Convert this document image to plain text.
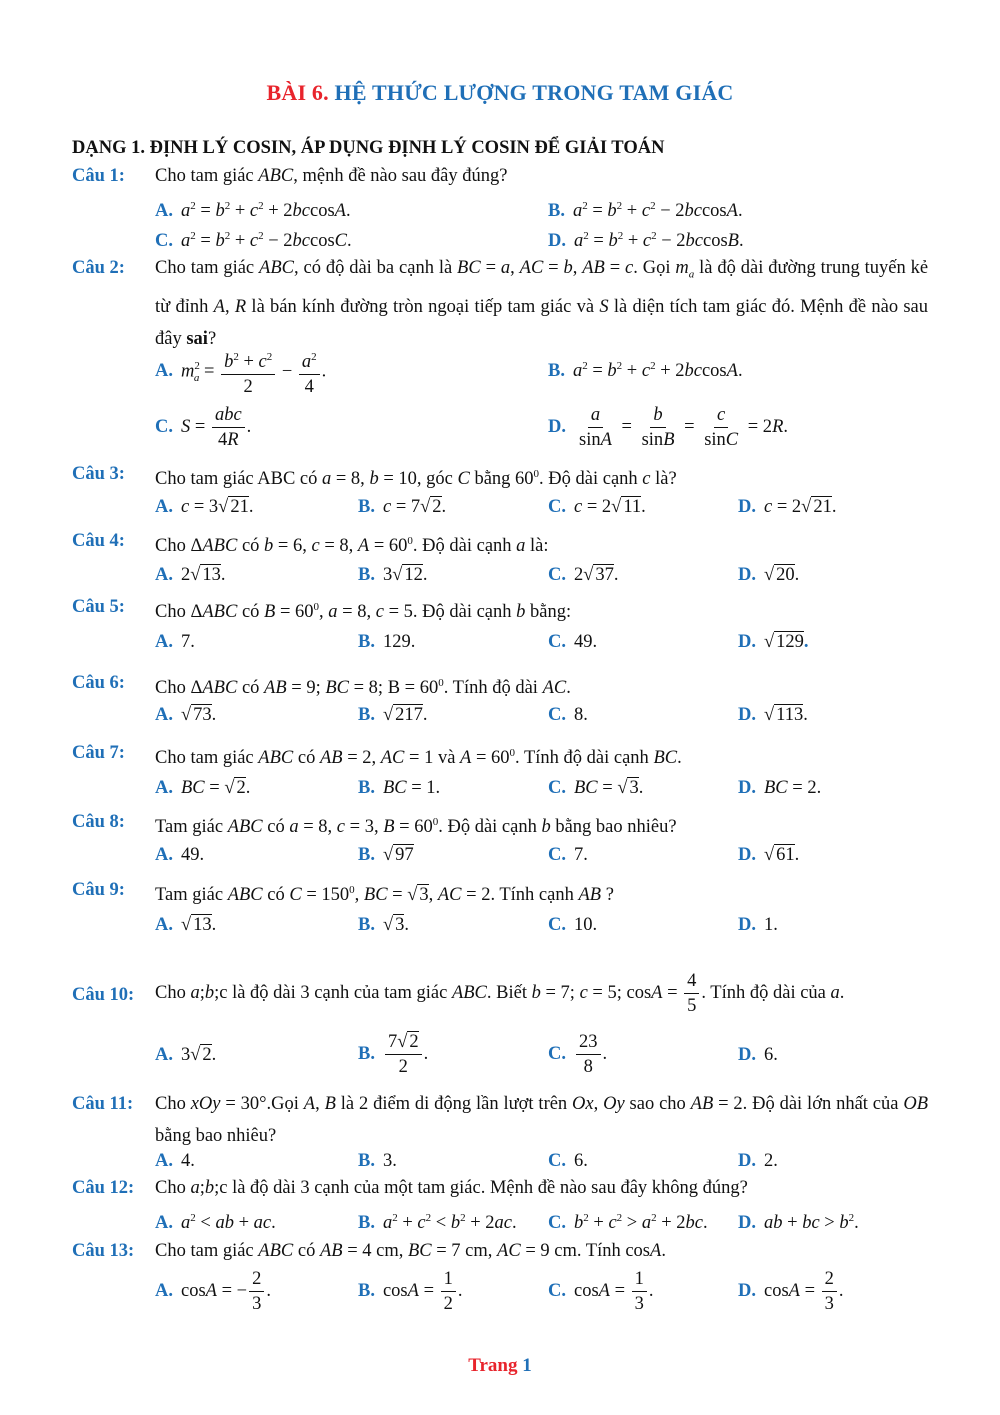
BÀI 6. HỆ THỨC LƯỢNG TRONG TAM GIÁC
DẠNG 1. ĐỊNH LÝ COSIN, ÁP DỤNG ĐỊNH LÝ COSIN ĐỂ GIẢI TOÁN
Câu 1: Cho tam giác ABC, mệnh đề nào sau đây đúng?
A. $a^2 = b^2 + c^2 + 2bccosA$.	B. $a^2 = b^2 + c^2 - 2bccosA$.
C. $a^2 = b^2 + c^2 - 2bccosC$.	D. $a^2 = b^2 + c^2 - 2bccosB$.
Câu 2: Cho tam giác ABC, có độ dài ba cạnh là BC = a, AC = b, AB = c. Gọi $m_a$ là độ dài đường trung tuyến kẻ từ đỉnh A, R là bán kính đường tròn ngoại tiếp tam giác và S là diện tích tam giác đó. Mệnh đề nào sau đây sai?
A. $m^2_a = \frac{b^2 + c^2}{2} - \frac{a^2}{4}$ .	B. $a^2 = b^2 + c^2 + 2bccosA$.
C. $S = \frac{\text{abc}}{4R}$ .	D. $\frac{a}{\sin A} = \frac{b}{\sin B} = \frac{c}{\sin C} = 2R$.
Câu 3: Cho tam giác ABC có a = 8, b = 10, góc C bằng $60^0$. Độ dài cạnh c là?
A. c = 3√ 21.	B. c = 7√ 2.	C. c = 2√ 11.	D. c = 2√ 21.
Câu 4: Cho ΔABC có b = 6, c = 8, $A = 60^0$. Độ dài cạnh a là:
A. 2√ 13.	B. 3√ 12.	C. 2√ 37.	D. √ 20.
Câu 5: Cho ΔABC có $B = 60^0$, a = 8, c = 5. Độ dài cạnh b bằng:
A. 7.	B. 129.	C. 49.	D. √ 129.
Câu 6: Cho ΔABC có AB = 9; BC = 8; $B = 60^0$. Tính độ dài AC.
A. √ 73.	B. √ 217.	C. 8.	D. √ 113.
Câu 7: Cho tam giác ABC có AB = 2, AC = 1 và $A = 60^0$. Tính độ dài cạnh BC.
A. BC = √ 2.	B. BC = 1.	C. BC = √ 3.	D. BC = 2.
Câu 8: Tam giác ABC có a = 8, c = 3, $B = 60^0$. Độ dài cạnh b bằng bao nhiêu?
A. 49.	B. √ 97	C. 7.	D. √ 61.
Câu 9: Tam giác ABC có $C = 150^0$, BC = √ 3, AC = 2. Tính cạnh AB ?
A. √ 13.	B. √ 3.	C. 10.	D. 1.
Câu 10: Cho a;b;c là độ dài 3 cạnh của tam giác ABC. Biết b = 7; c = 5; $\cos A = \frac{4}{5}$ . Tính độ dài của a.
A. 3√ 2.	B. $\frac{7√ 2}{2}$ .	C. $\frac{23}{8}$ .	D. 6.
Câu 11: Cho xOy = 30°.Gọi A, B là 2 điểm di động lần lượt trên Ox, Oy sao cho AB = 2. Độ dài lớn nhất của OB bằng bao nhiêu?
A. 4.	B. 3.	C. 6.	D. 2.
Câu 12: Cho a;b;c là độ dài 3 cạnh của một tam giác. Mệnh đề nào sau đây không đúng?
A. $a^2$ < ab + ac.	B. $a^2 + c^2 < b^2 + 2ac$. C. $b^2 + c^2 > a^2 + 2bc$. D. ab + bc > $b^2$.
Câu 13: Cho tam giác ABC có AB = 4 cm, BC = 7 cm, AC = 9 cm. Tính cosA.
A. cosA = − $\frac{2}{3}$ .	B. $\cos A = \frac{1}{2}$ .	C. $\cos A = \frac{1}{3}$ .	D. $\cos A = \frac{2}{3}$ .
Trang 1
